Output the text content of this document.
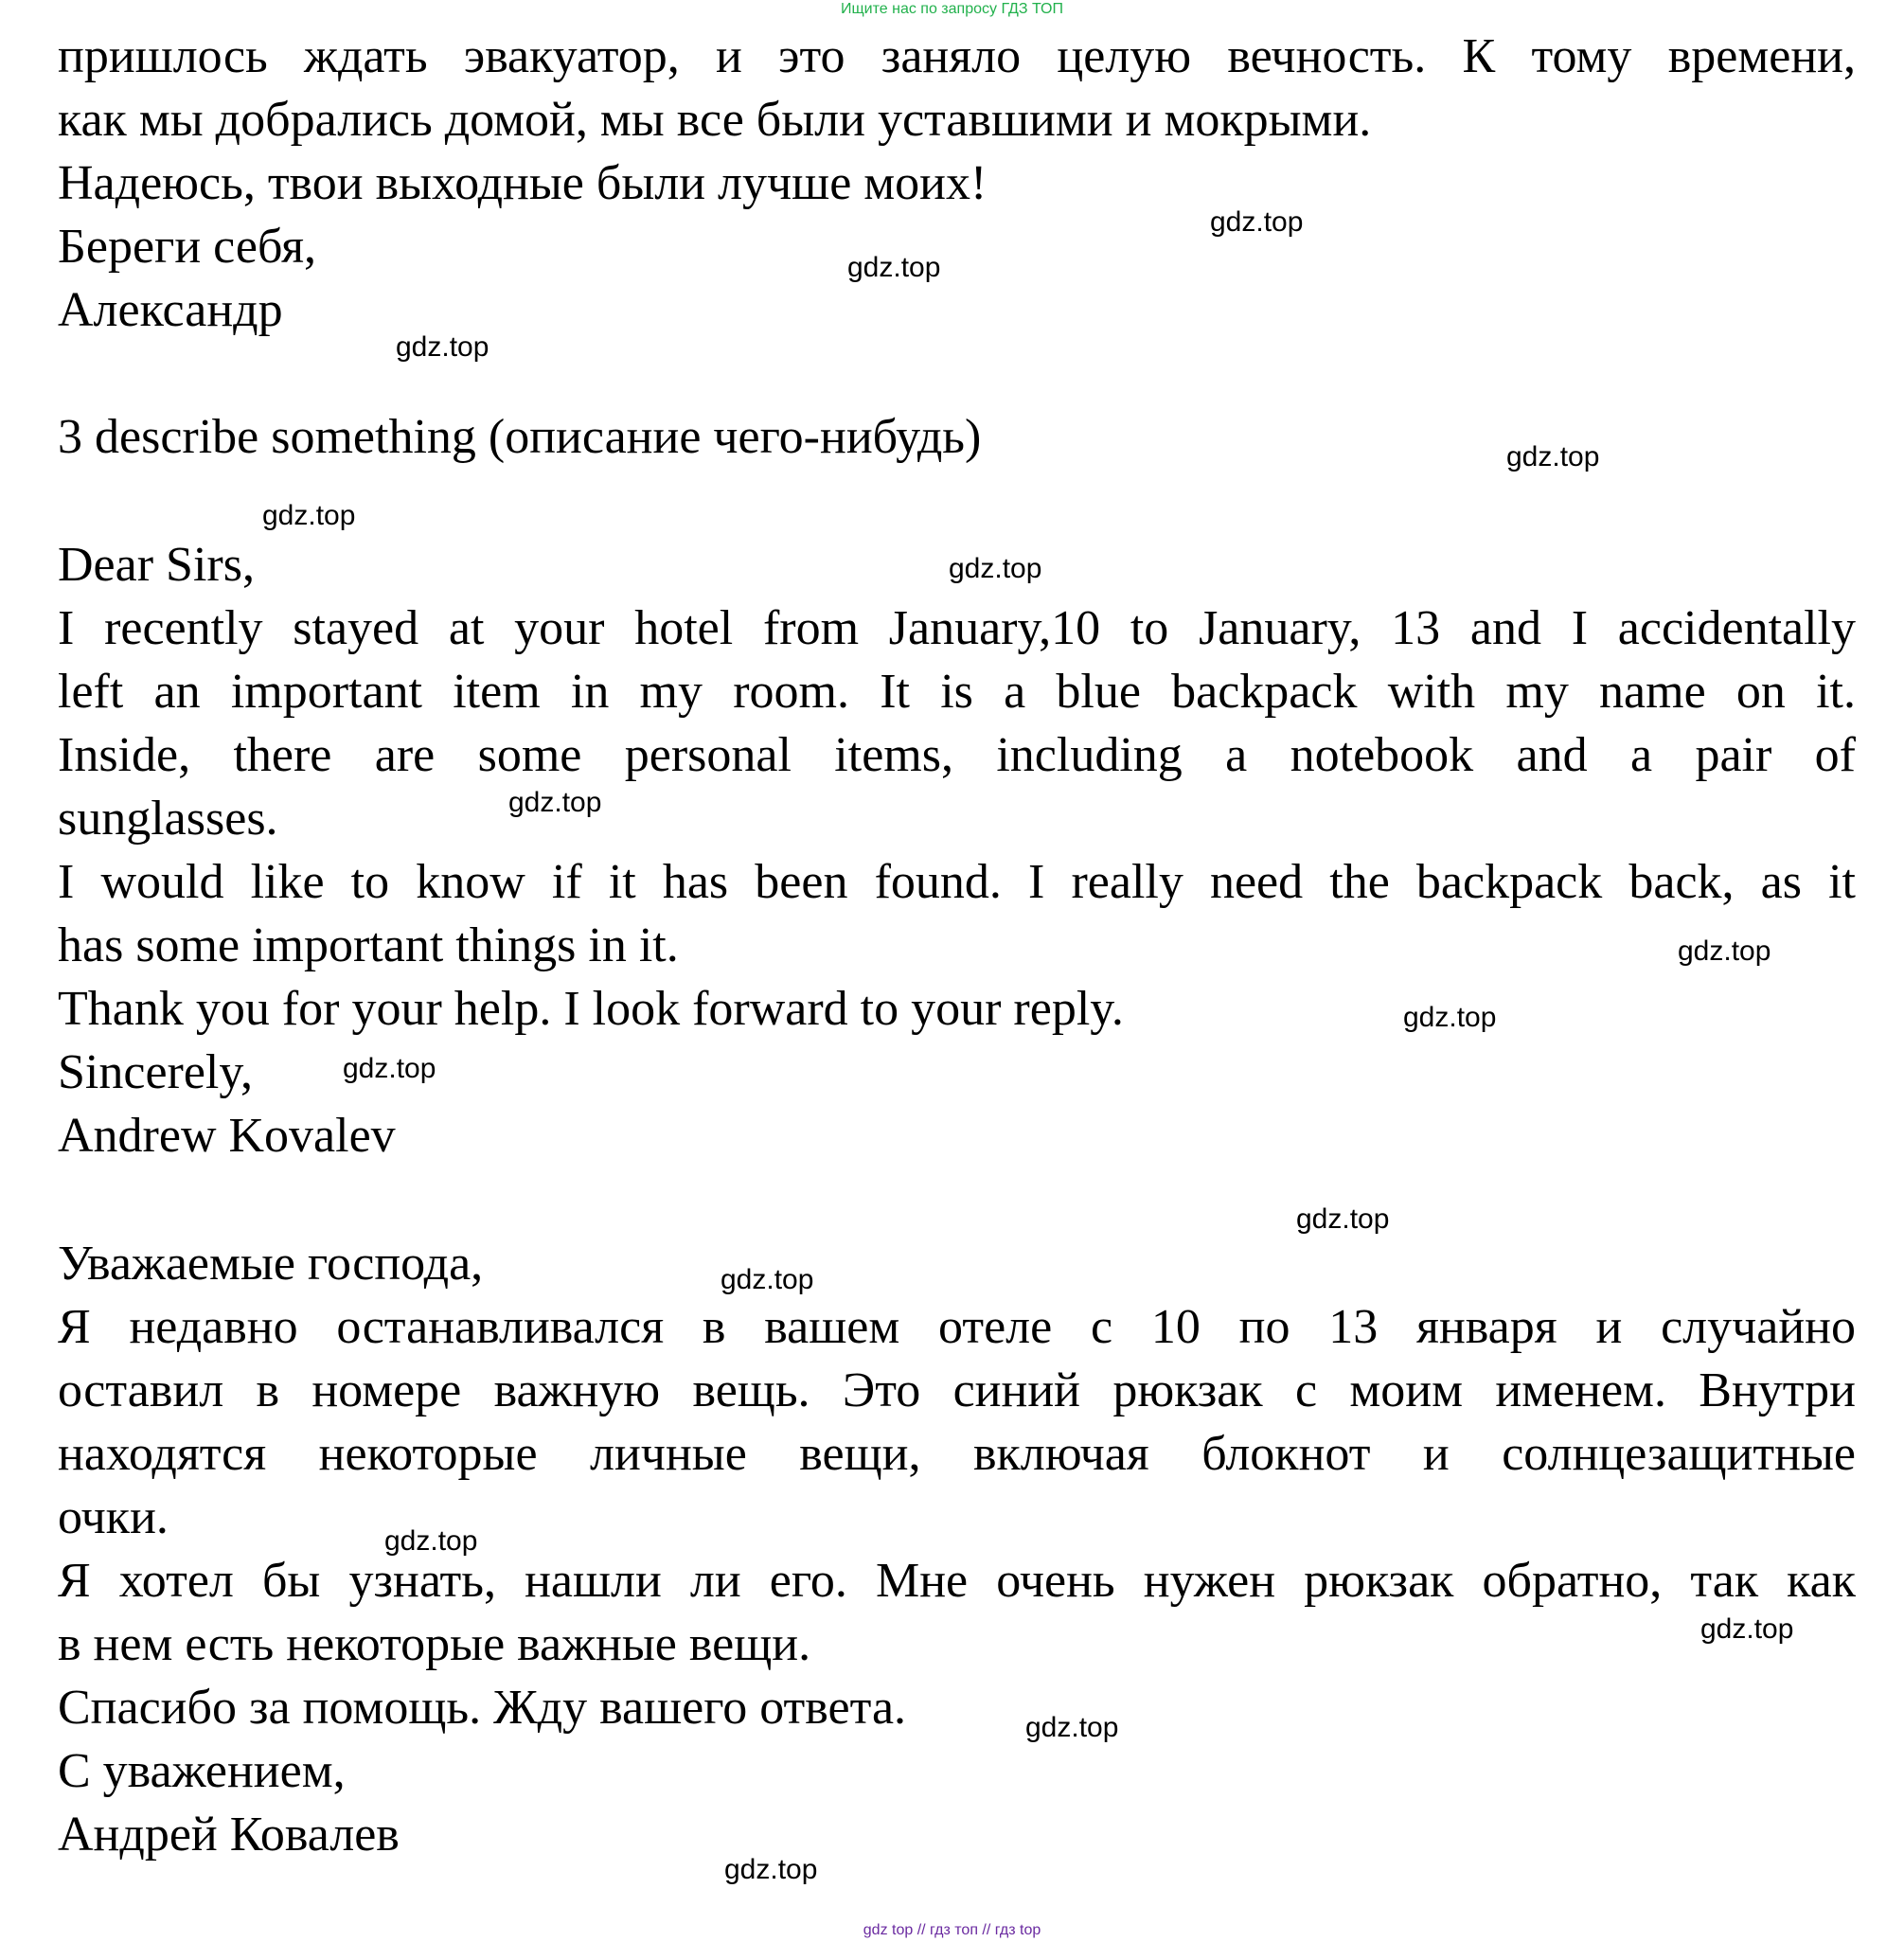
Ищите нас по запросу ГДЗ ТОП
пришлось ждать эвакуатор, и это заняло целую вечность. К тому времени,
как мы добрались домой, мы все были уставшими и мокрыми.
Надеюсь, твои выходные были лучше моих!
Береги себя,
Александр
3 describe something (описание чего-нибудь)
Dear Sirs,
I recently stayed at your hotel from January,10 to January, 13 and I accidentally
left an important item in my room. It is a blue backpack with my name on it.
Inside, there are some personal items, including a notebook and a pair of
sunglasses.
I would like to know if it has been found. I really need the backpack back, as it
has some important things in it.
Thank you for your help. I look forward to your reply.
Sincerely,
Andrew Kovalev
Уважаемые господа,
Я недавно останавливался в вашем отеле с 10 по 13 января и случайно
оставил в номере важную вещь. Это синий рюкзак с моим именем. Внутри
находятся некоторые личные вещи, включая блокнот и солнцезащитные
очки.
Я хотел бы узнать, нашли ли его. Мне очень нужен рюкзак обратно, так как
в нем есть некоторые важные вещи.
Спасибо за помощь. Жду вашего ответа.
С уважением,
Андрей Ковалев
gdz.top
gdz.top
gdz.top
gdz.top
gdz.top
gdz.top
gdz.top
gdz.top
gdz.top
gdz.top
gdz.top
gdz.top
gdz.top
gdz.top
gdz.top
gdz.top
gdz top // гдз топ // гдз top
